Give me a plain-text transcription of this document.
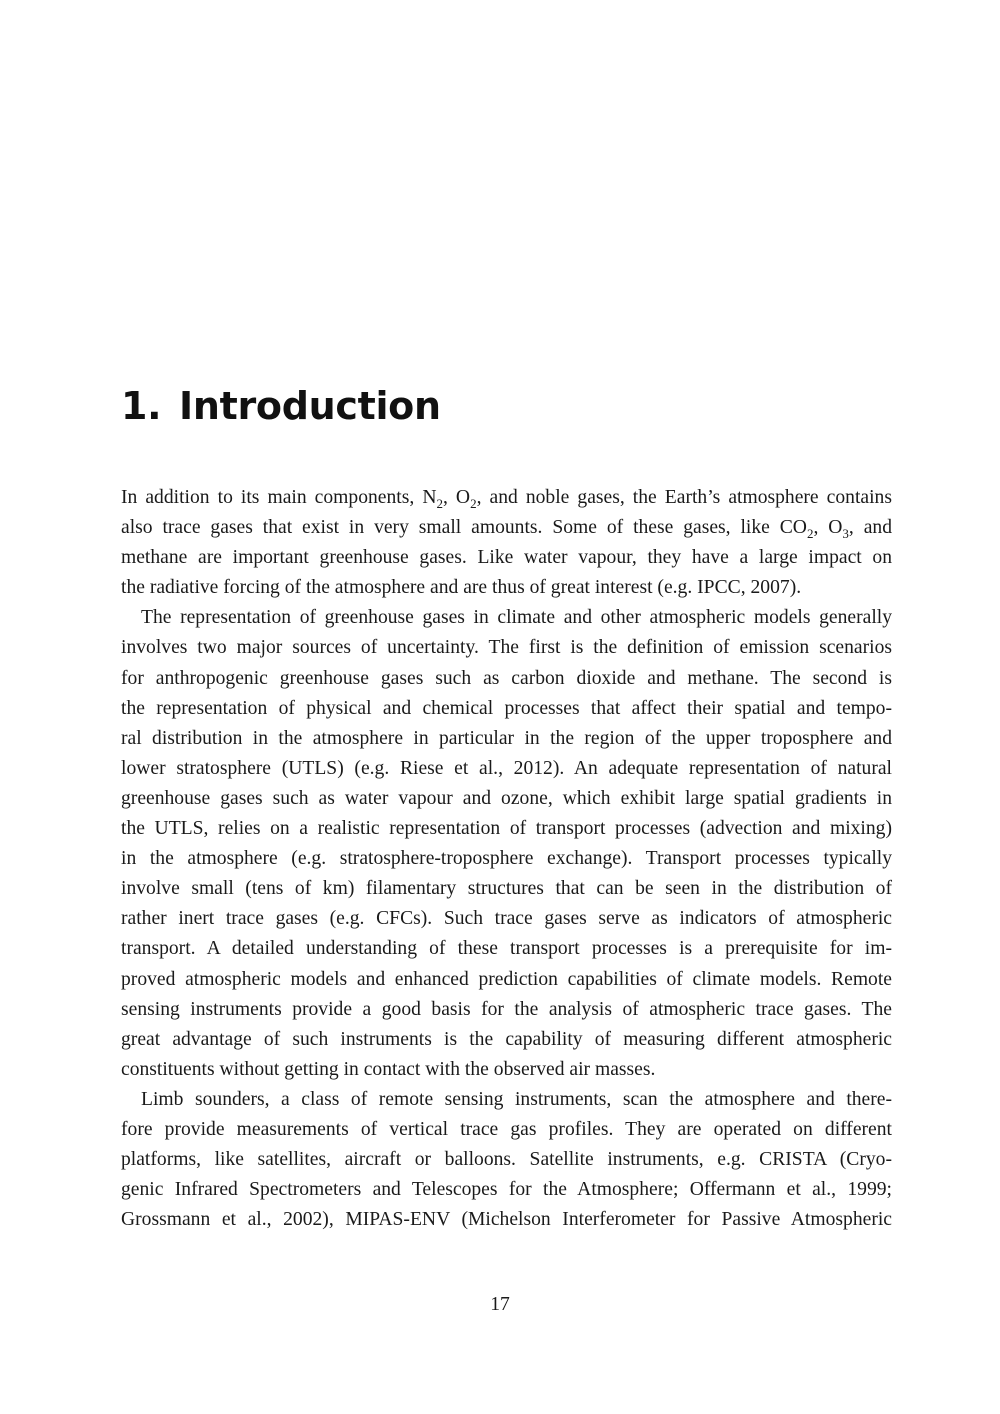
1. Introduction
In addition to its main components, $N_2$, $O_2$, and noble gases, the Earth’s atmosphere contains
also trace gases that exist in very small amounts. Some of these gases, like $CO_2$, $O_3$, and
methane are important greenhouse gases. Like water vapour, they have a large impact on
the radiative forcing of the atmosphere and are thus of great interest (e.g. IPCC, 2007).
The representation of greenhouse gases in climate and other atmospheric models generally
involves two major sources of uncertainty. The first is the definition of emission scenarios
for anthropogenic greenhouse gases such as carbon dioxide and methane. The second is
the representation of physical and chemical processes that affect their spatial and tempo-
ral distribution in the atmosphere in particular in the region of the upper troposphere and
lower stratosphere (UTLS) (e.g. Riese et al., 2012). An adequate representation of natural
greenhouse gases such as water vapour and ozone, which exhibit large spatial gradients in
the UTLS, relies on a realistic representation of transport processes (advection and mixing)
in the atmosphere (e.g. stratosphere-troposphere exchange). Transport processes typically
involve small (tens of km) filamentary structures that can be seen in the distribution of
rather inert trace gases (e.g. CFCs). Such trace gases serve as indicators of atmospheric
transport. A detailed understanding of these transport processes is a prerequisite for im-
proved atmospheric models and enhanced prediction capabilities of climate models. Remote
sensing instruments provide a good basis for the analysis of atmospheric trace gases. The
great advantage of such instruments is the capability of measuring different atmospheric
constituents without getting in contact with the observed air masses.
Limb sounders, a class of remote sensing instruments, scan the atmosphere and there-
fore provide measurements of vertical trace gas profiles. They are operated on different
platforms, like satellites, aircraft or balloons. Satellite instruments, e.g. CRISTA (Cryo-
genic Infrared Spectrometers and Telescopes for the Atmosphere; Offermann et al., 1999;
Grossmann et al., 2002), MIPAS-ENV (Michelson Interferometer for Passive Atmospheric
17
